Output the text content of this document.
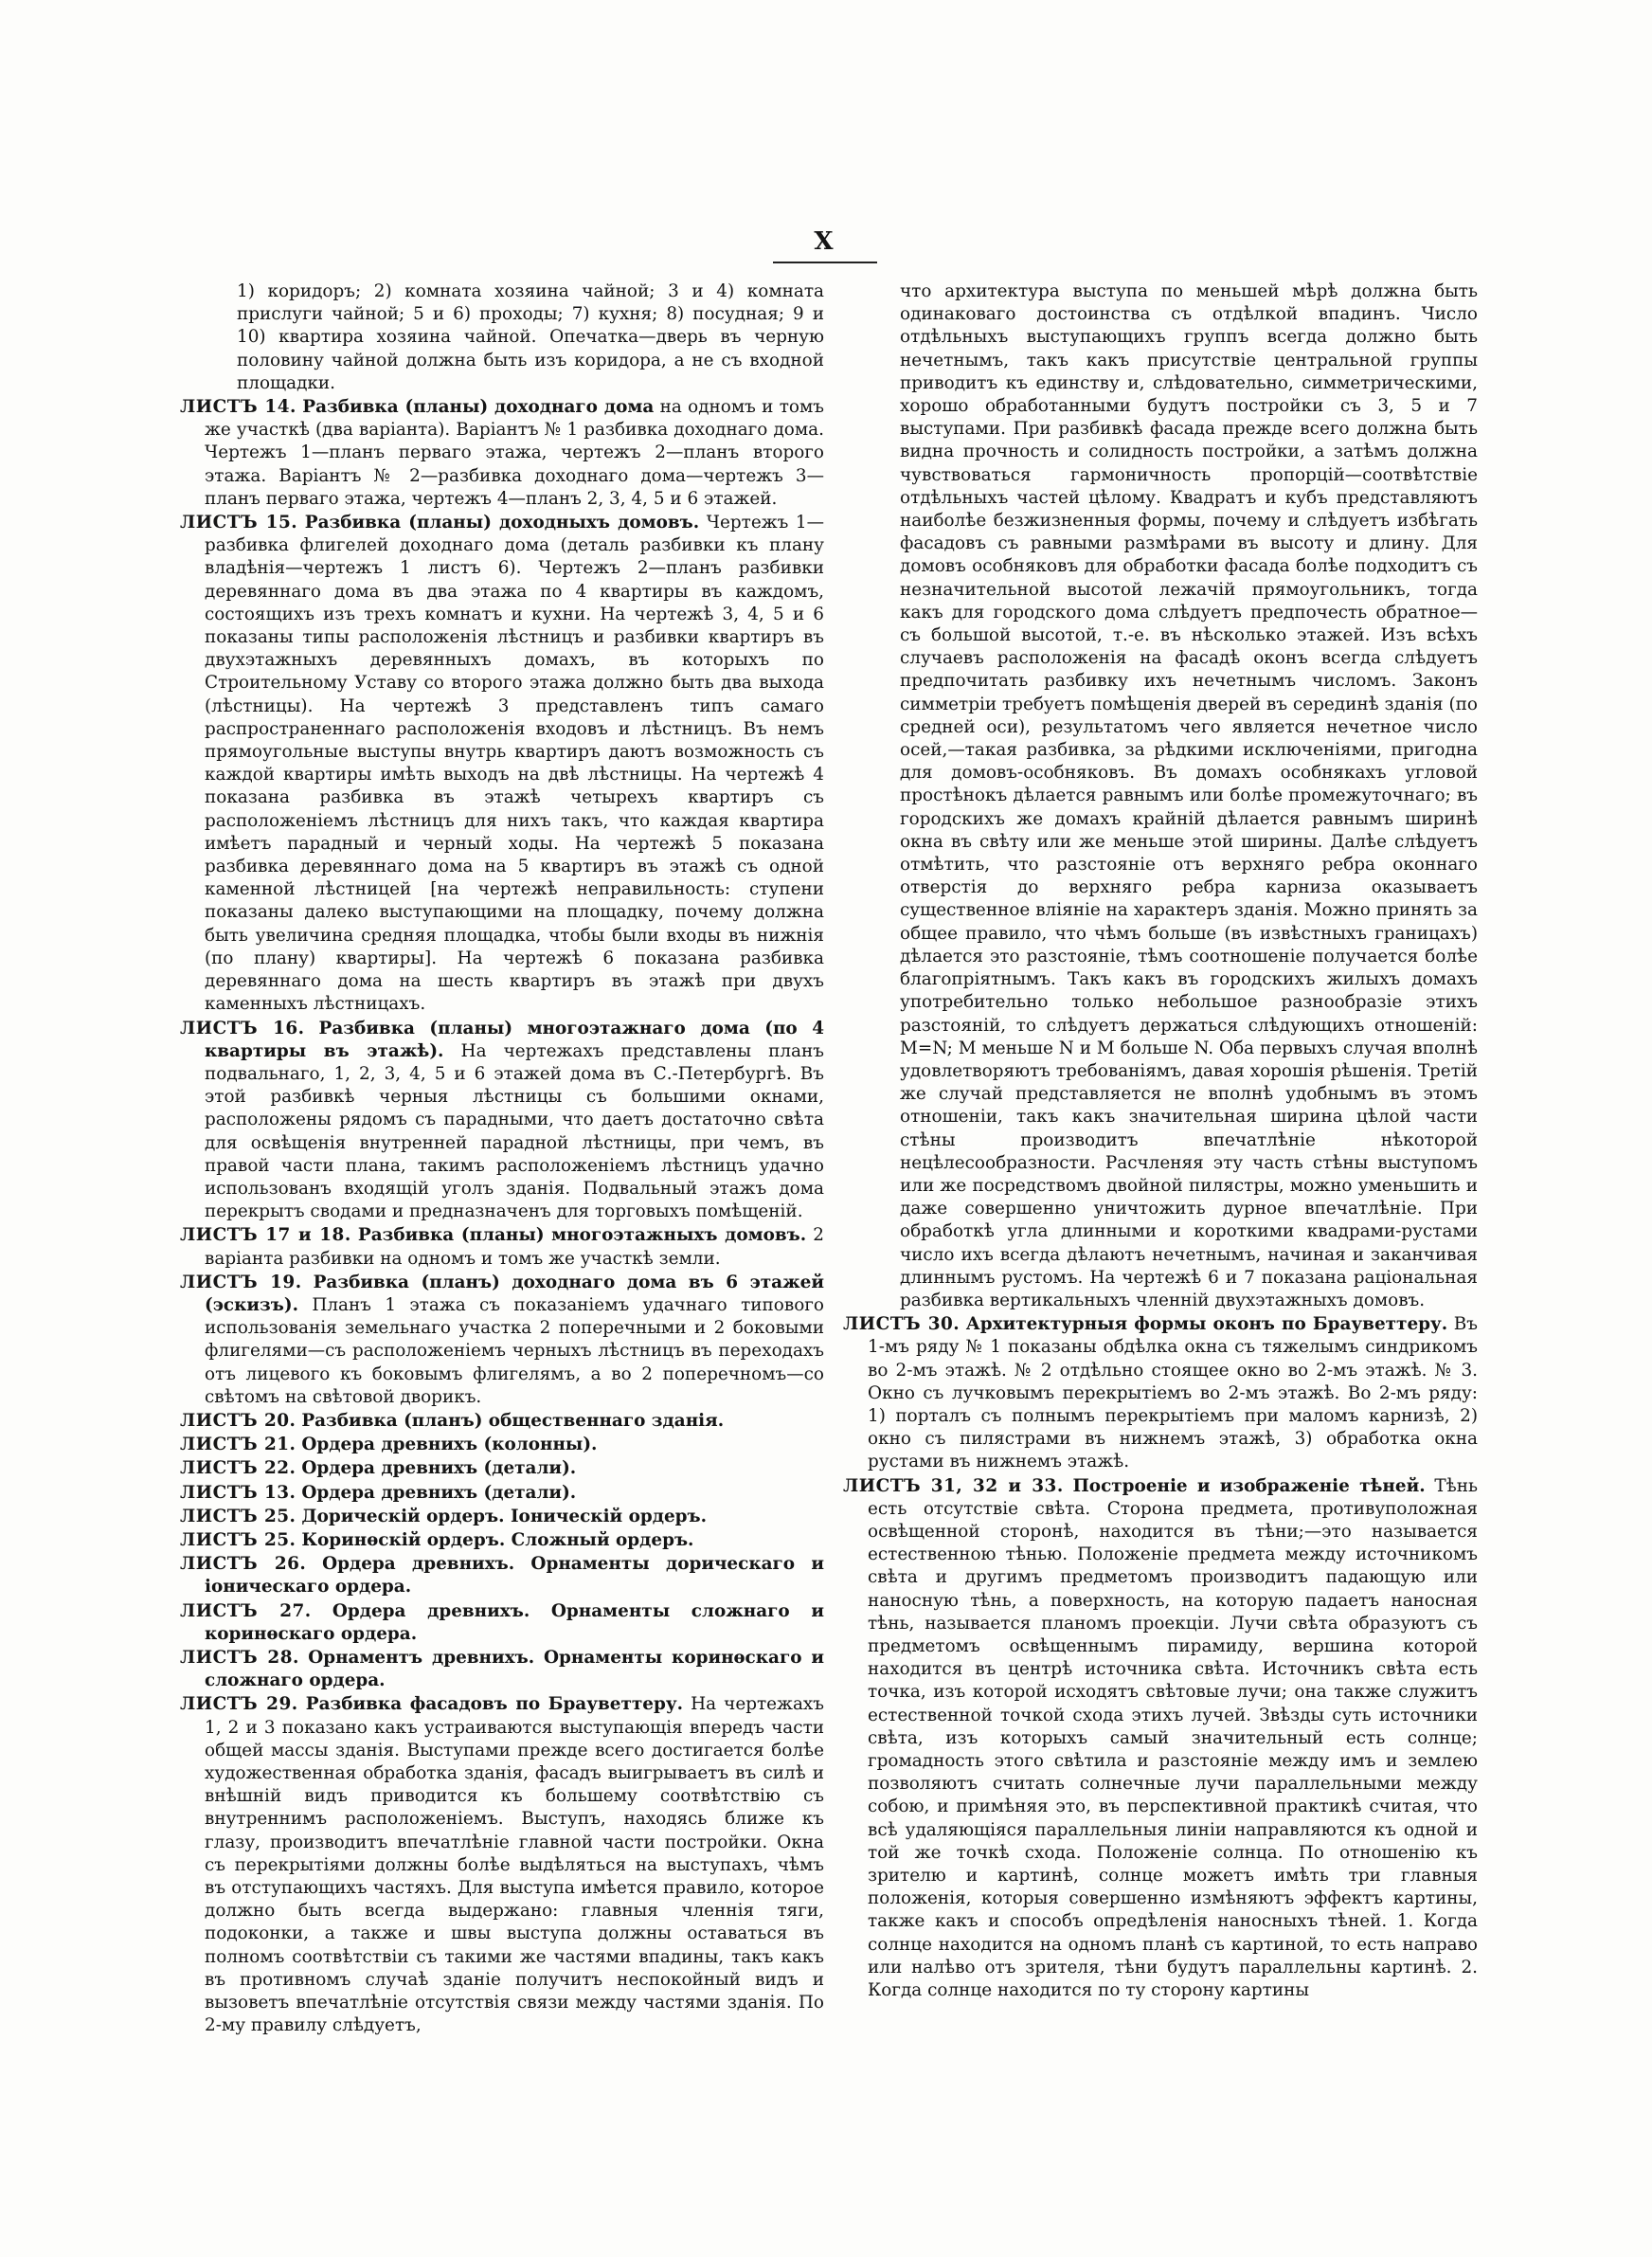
X

1) коридоръ; 2) комната хозяина чайной; 3 и 4) комната прислуги чайной; 5 и 6) проходы; 7) кухня; 8) посудная; 9 и 10) квартира хозяина чайной. Опечатка—дверь въ черную половину чайной должна быть изъ коридора, а не съ входной площадки.

ЛИСТЪ 14. Разбивка (планы) доходнаго дома на одномъ и томъ же участкѣ (два варіанта). Варіантъ № 1 разбивка доходнаго дома. Чертежъ 1—планъ перваго этажа, чертежъ 2—планъ второго этажа. Варіантъ № 2—разбивка доходнаго дома—чертежъ 3—планъ перваго этажа, чертежъ 4—планъ 2, 3, 4, 5 и 6 этажей.

ЛИСТЪ 15. Разбивка (планы) доходныхъ домовъ. Чертежъ 1—разбивка флигелей доходнаго дома (деталь разбивки къ плану владѣнія—чертежъ 1 листъ 6). Чертежъ 2—планъ разбивки деревяннаго дома въ два этажа по 4 квартиры въ каждомъ, состоящихъ изъ трехъ комнатъ и кухни. На чертежѣ 3, 4, 5 и 6 показаны типы расположенія лѣстницъ и разбивки квартиръ въ двухэтажныхъ деревянныхъ домахъ, въ которыхъ по Строительному Уставу со второго этажа должно быть два выхода (лѣстницы). На чертежѣ 3 представленъ типъ самаго распространеннаго расположенія входовъ и лѣстницъ. Въ немъ прямоугольные выступы внутрь квартиръ даютъ возможность съ каждой квартиры имѣть выходъ на двѣ лѣстницы. На чертежѣ 4 показана разбивка въ этажѣ четырехъ квартиръ съ расположеніемъ лѣстницъ для нихъ такъ, что каждая квартира имѣетъ парадный и черный ходы. На чертежѣ 5 показана разбивка деревяннаго дома на 5 квартиръ въ этажѣ съ одной каменной лѣстницей [на чертежѣ неправильность: ступени показаны далеко выступающими на площадку, почему должна быть увеличина средняя площадка, чтобы были входы въ нижнія (по плану) квартиры]. На чертежѣ 6 показана разбивка деревяннаго дома на шесть квартиръ въ этажѣ при двухъ каменныхъ лѣстницахъ.

ЛИСТЪ 16. Разбивка (планы) многоэтажнаго дома (по 4 квартиры въ этажѣ). На чертежахъ представлены планъ подвальнаго, 1, 2, 3, 4, 5 и 6 этажей дома въ С.-Петербургѣ. Въ этой разбивкѣ черныя лѣстницы съ большими окнами, расположены рядомъ съ парадными, что даетъ достаточно свѣта для освѣщенія внутренней парадной лѣстницы, при чемъ, въ правой части плана, такимъ расположеніемъ лѣстницъ удачно использованъ входящій уголъ зданія. Подвальный этажъ дома перекрытъ сводами и предназначенъ для торговыхъ помѣщеній.

ЛИСТЪ 17 и 18. Разбивка (планы) многоэтажныхъ домовъ. 2 варіанта разбивки на одномъ и томъ же участкѣ земли.

ЛИСТЪ 19. Разбивка (планъ) доходнаго дома въ 6 этажей (эскизъ). Планъ 1 этажа съ показаніемъ удачнаго типового использованія земельнаго участка 2 поперечными и 2 боковыми флигелями—съ расположеніемъ черныхъ лѣстницъ въ переходахъ отъ лицевого къ боковымъ флигелямъ, а во 2 поперечномъ—со свѣтомъ на свѣтовой дворикъ.

ЛИСТЪ 20. Разбивка (планъ) общественнаго зданія.

ЛИСТЪ 21. Ордера древнихъ (колонны).

ЛИСТЪ 22. Ордера древнихъ (детали).

ЛИСТЪ 13. Ордера древнихъ (детали).

ЛИСТЪ 25. Дорическій ордеръ. Іоническій ордеръ.

ЛИСТЪ 25. Коринѳскій ордеръ. Сложный ордеръ.

ЛИСТЪ 26. Ордера древнихъ. Орнаменты дорическаго и іоническаго ордера.

ЛИСТЪ 27. Ордера древнихъ. Орнаменты сложнаго и коринѳскаго ордера.

ЛИСТЪ 28. Орнаментъ древнихъ. Орнаменты коринѳскаго и сложнаго ордера.

ЛИСТЪ 29. Разбивка фасадовъ по Брауветтеру. На чертежахъ 1, 2 и 3 показано какъ устраиваются выступающія впередъ части общей массы зданія. Выступами прежде всего достигается болѣе художественная обработка зданія, фасадъ выигрываетъ въ силѣ и внѣшній видъ приводится къ большему соотвѣтствію съ внутреннимъ расположеніемъ. Выступъ, находясь ближе къ глазу, производитъ впечатлѣніе главной части постройки. Окна съ перекрытіями должны болѣе выдѣляться на выступахъ, чѣмъ въ отступающихъ частяхъ. Для выступа имѣется правило, которое должно быть всегда выдержано: главныя членнія тяги, подоконки, а также и швы выступа должны оставаться въ полномъ соотвѣтствіи съ такими же частями впадины, такъ какъ въ противномъ случаѣ зданіе получитъ неспокойный видъ и вызоветъ впечатлѣніе отсутствія связи между частями зданія. По 2-му правилу слѣдуетъ,

что архитектура выступа по меньшей мѣрѣ должна быть одинаковаго достоинства съ отдѣлкой впадинъ. Число отдѣльныхъ выступающихъ группъ всегда должно быть нечетнымъ, такъ какъ присутствіе центральной группы приводитъ къ единству и, слѣдовательно, симметрическими, хорошо обработанными будутъ постройки съ 3, 5 и 7 выступами. При разбивкѣ фасада прежде всего должна быть видна прочность и солидность постройки, а затѣмъ должна чувствоваться гармоничность пропорцій—соотвѣтствіе отдѣльныхъ частей цѣлому. Квадратъ и кубъ представляютъ наиболѣе безжизненныя формы, почему и слѣдуетъ избѣгать фасадовъ съ равными размѣрами въ высоту и длину. Для домовъ особняковъ для обработки фасада болѣе подходитъ съ незначительной высотой лежачій прямоугольникъ, тогда какъ для городского дома слѣдуетъ предпочесть обратное—съ большой высотой, т.-е. въ нѣсколько этажей. Изъ всѣхъ случаевъ расположенія на фасадѣ оконъ всегда слѣдуетъ предпочитать разбивку ихъ нечетнымъ числомъ. Законъ симметріи требуетъ помѣщенія дверей въ серединѣ зданія (по средней оси), результатомъ чего является нечетное число осей,—такая разбивка, за рѣдкими исключеніями, пригодна для домовъ-особняковъ. Въ домахъ особнякахъ угловой простѣнокъ дѣлается равнымъ или болѣе промежуточнаго; въ городскихъ же домахъ крайній дѣлается равнымъ ширинѣ окна въ свѣту или же меньше этой ширины. Далѣе слѣдуетъ отмѣтить, что разстояніе отъ верхняго ребра оконнаго отверстія до верхняго ребра карниза оказываетъ существенное вліяніе на характеръ зданія. Можно принять за общее правило, что чѣмъ больше (въ извѣстныхъ границахъ) дѣлается это разстояніе, тѣмъ соотношеніе получается болѣе благопріятнымъ. Такъ какъ въ городскихъ жилыхъ домахъ употребительно только небольшое разнообразіе этихъ разстояній, то слѣдуетъ держаться слѣдующихъ отношеній: M=N; M меньше N и M больше N. Оба первыхъ случая вполнѣ удовлетворяютъ требованіямъ, давая хорошія рѣшенія. Третій же случай представляется не вполнѣ удобнымъ въ этомъ отношеніи, такъ какъ значительная ширина цѣлой части стѣны производитъ впечатлѣніе нѣкоторой нецѣлесообразности. Расчленяя эту часть стѣны выступомъ или же посредствомъ двойной пилястры, можно уменьшить и даже совершенно уничтожить дурное впечатлѣніе. При обработкѣ угла длинными и короткими квадрами-рустами число ихъ всегда дѣлаютъ нечетнымъ, начиная и заканчивая длиннымъ рустомъ. На чертежѣ 6 и 7 показана раціональная разбивка вертикальныхъ членній двухэтажныхъ домовъ.

ЛИСТЪ 30. Архитектурныя формы оконъ по Брауветтеру. Въ 1-мъ ряду № 1 показаны обдѣлка окна съ тяжелымъ синдрикомъ во 2-мъ этажѣ. № 2 отдѣльно стоящее окно во 2-мъ этажѣ. № 3. Окно съ лучковымъ перекрытіемъ во 2-мъ этажѣ. Во 2-мъ ряду: 1) порталъ съ полнымъ перекрытіемъ при маломъ карнизѣ, 2) окно съ пилястрами въ нижнемъ этажѣ, 3) обработка окна рустами въ нижнемъ этажѣ.

ЛИСТЪ 31, 32 и 33. Построеніе и изображеніе тѣней. Тѣнь есть отсутствіе свѣта. Сторона предмета, противуположная освѣщенной сторонѣ, находится въ тѣни;—это называется естественною тѣнью. Положеніе предмета между источникомъ свѣта и другимъ предметомъ производитъ падающую или наносную тѣнь, а поверхность, на которую падаетъ наносная тѣнь, называется планомъ проекціи. Лучи свѣта образуютъ съ предметомъ освѣщеннымъ пирамиду, вершина которой находится въ центрѣ источника свѣта. Источникъ свѣта есть точка, изъ которой исходятъ свѣтовые лучи; она также служитъ естественной точкой схода этихъ лучей. Звѣзды суть источники свѣта, изъ которыхъ самый значительный есть солнце; громадность этого свѣтила и разстояніе между имъ и землею позволяютъ считать солнечные лучи параллельными между собою, и примѣняя это, въ перспективной практикѣ считая, что всѣ удаляющіяся параллельныя линіи направляются къ одной и той же точкѣ схода. Положеніе солнца. По отношенію къ зрителю и картинѣ, солнце можетъ имѣть три главныя положенія, которыя совершенно измѣняютъ эффектъ картины, также какъ и способъ опредѣленія наносныхъ тѣней. 1. Когда солнце находится на одномъ планѣ съ картиной, то есть направо или налѣво отъ зрителя, тѣни будутъ параллельны картинѣ. 2. Когда солнце находится по ту сторону картины
